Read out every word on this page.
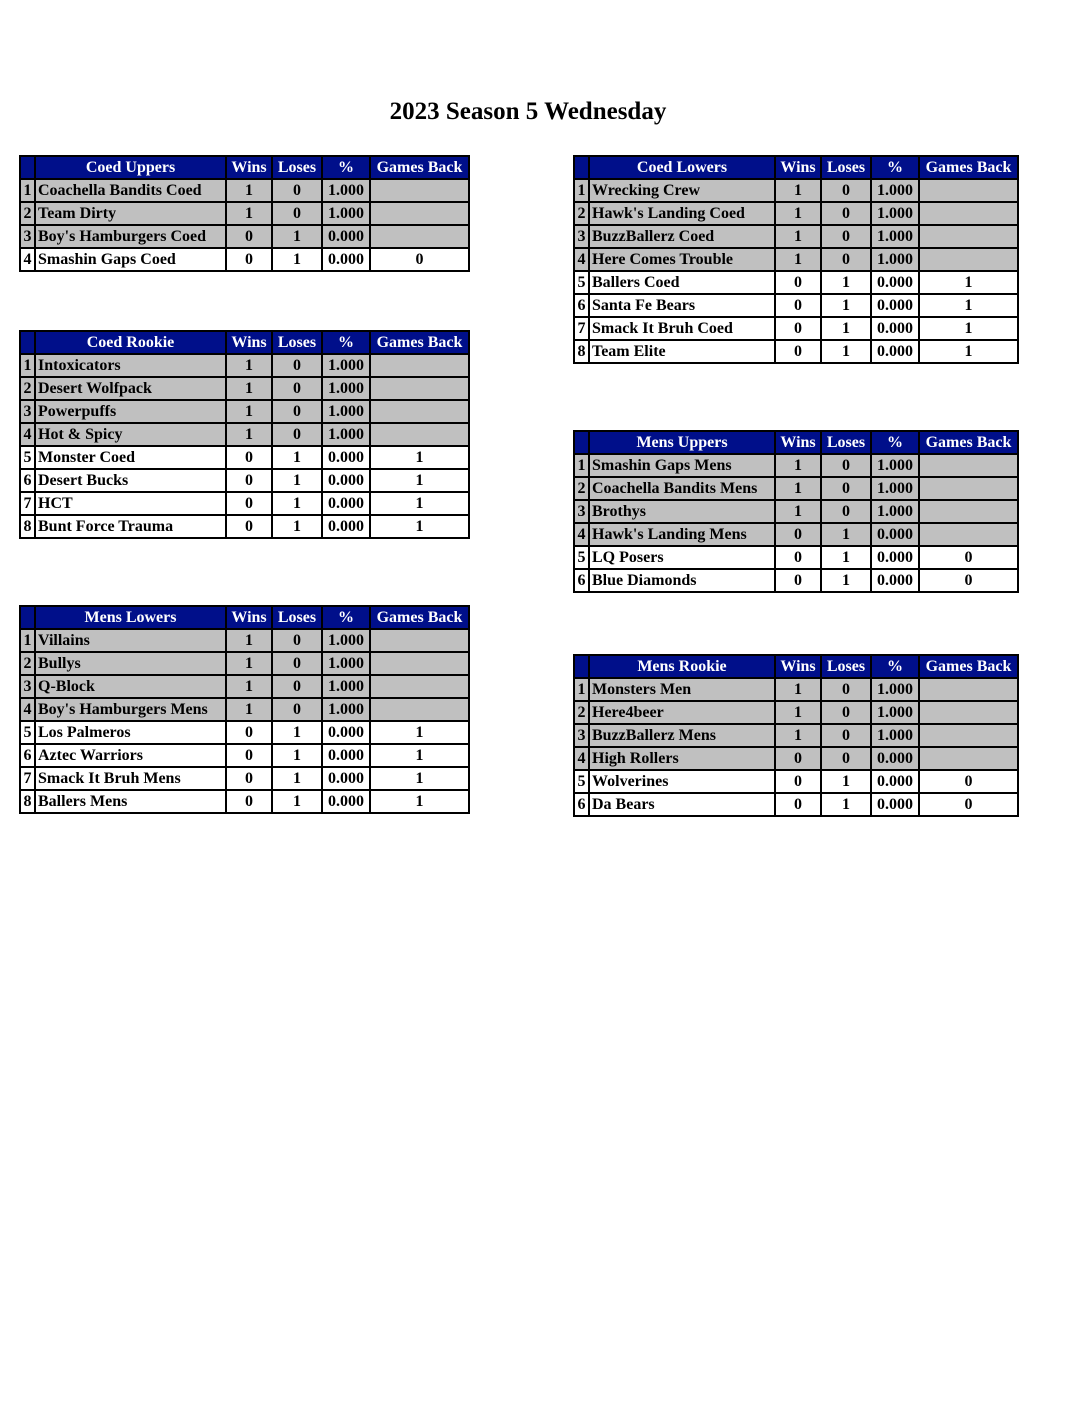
2023 Season 5 Wednesday
	Coed Uppers	Wins	Loses	%	Games Back
1	Coachella Bandits Coed	1	0	1.000	
2	Team Dirty	1	0	1.000	
3	Boy's Hamburgers Coed	0	1	0.000	
4	Smashin Gaps Coed	0	1	0.000	0
	Coed Rookie	Wins	Loses	%	Games Back
1	Intoxicators	1	0	1.000	
2	Desert Wolfpack	1	0	1.000	
3	Powerpuffs	1	0	1.000	
4	Hot & Spicy	1	0	1.000	
5	Monster Coed	0	1	0.000	1
6	Desert Bucks	0	1	0.000	1
7	HCT	0	1	0.000	1
8	Bunt Force Trauma	0	1	0.000	1
	Mens Lowers	Wins	Loses	%	Games Back
1	Villains	1	0	1.000	
2	Bullys	1	0	1.000	
3	Q-Block	1	0	1.000	
4	Boy's Hamburgers Mens	1	0	1.000	
5	Los Palmeros	0	1	0.000	1
6	Aztec Warriors	0	1	0.000	1
7	Smack It Bruh Mens	0	1	0.000	1
8	Ballers Mens	0	1	0.000	1
	Coed Lowers	Wins	Loses	%	Games Back
1	Wrecking Crew	1	0	1.000	
2	Hawk's Landing Coed	1	0	1.000	
3	BuzzBallerz Coed	1	0	1.000	
4	Here Comes Trouble	1	0	1.000	
5	Ballers Coed	0	1	0.000	1
6	Santa Fe Bears	0	1	0.000	1
7	Smack It Bruh Coed	0	1	0.000	1
8	Team Elite	0	1	0.000	1
	Mens Uppers	Wins	Loses	%	Games Back
1	Smashin Gaps Mens	1	0	1.000	
2	Coachella Bandits Mens	1	0	1.000	
3	Brothys	1	0	1.000	
4	Hawk's Landing Mens	0	1	0.000	
5	LQ Posers	0	1	0.000	0
6	Blue Diamonds	0	1	0.000	0
	Mens Rookie	Wins	Loses	%	Games Back
1	Monsters Men	1	0	1.000	
2	Here4beer	1	0	1.000	
3	BuzzBallerz Mens	1	0	1.000	
4	High Rollers	0	0	0.000	
5	Wolverines	0	1	0.000	0
6	Da Bears	0	1	0.000	0
